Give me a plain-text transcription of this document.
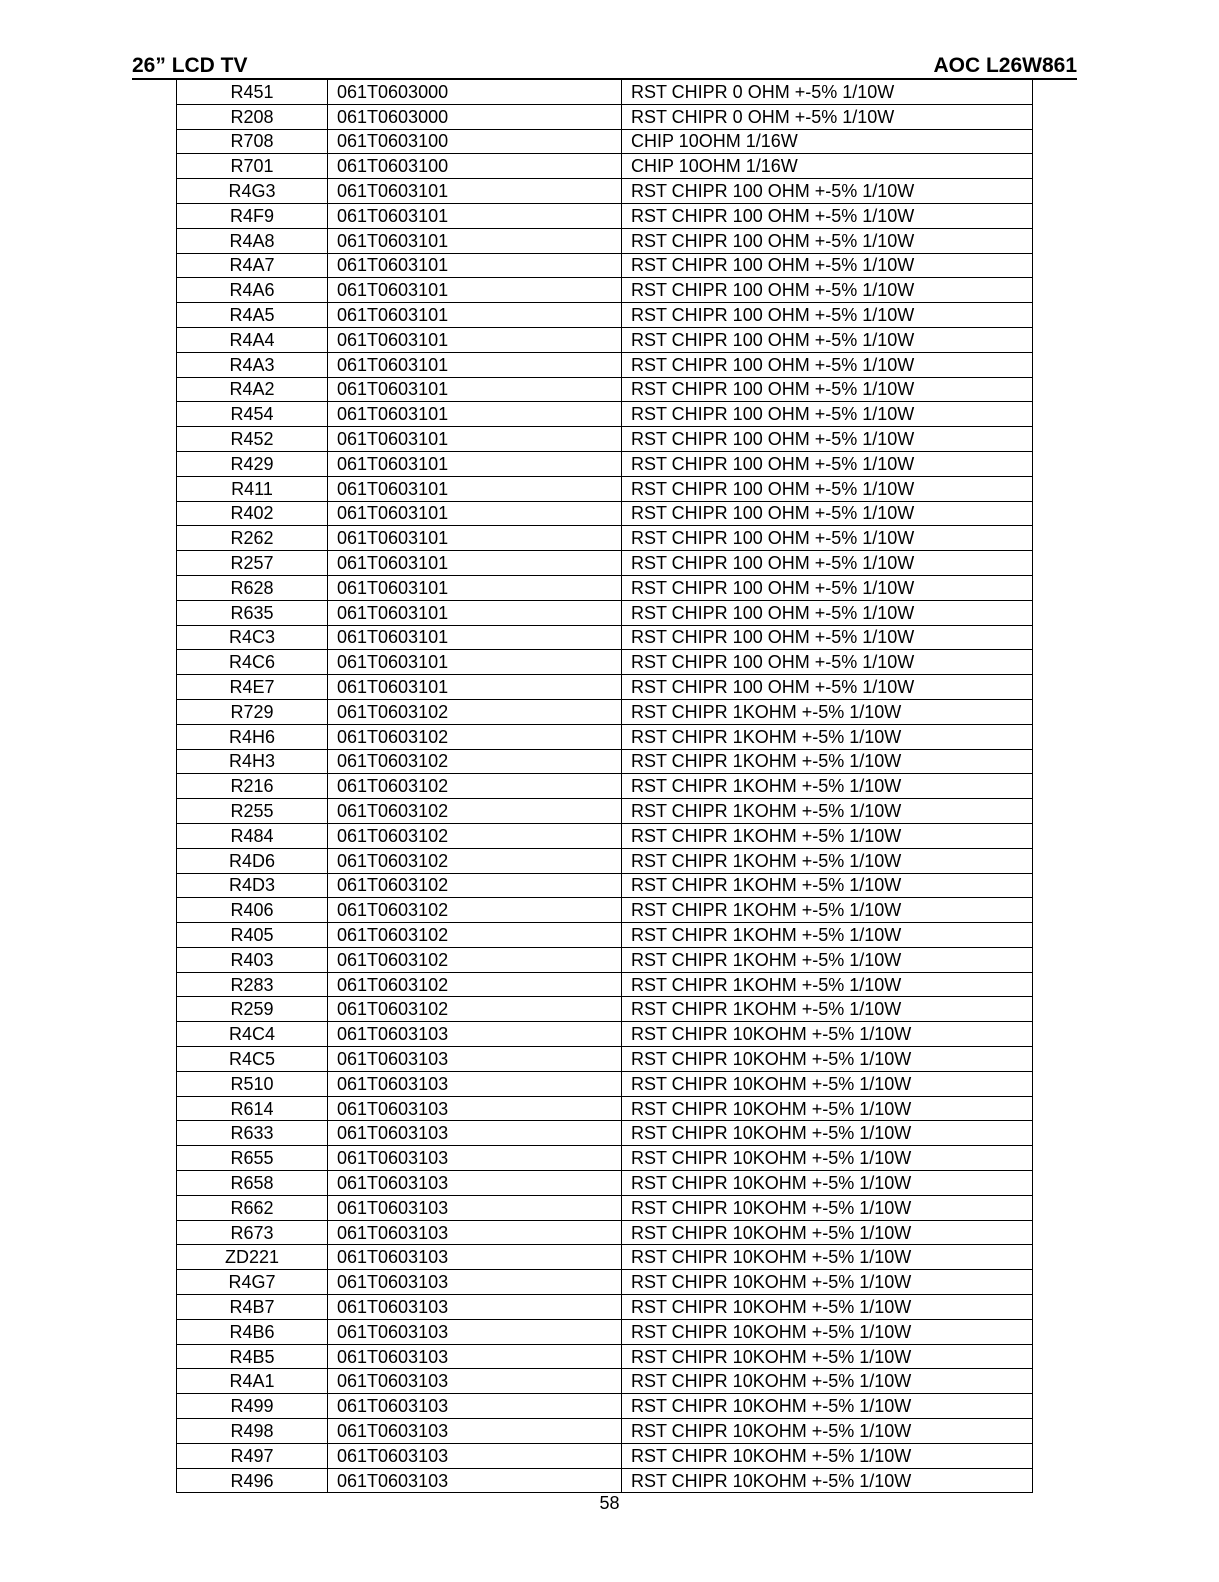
26” LCD TV	AOC L26W861
R451	061T0603000	RST CHIPR 0 OHM +-5% 1/10W
R208	061T0603000	RST CHIPR 0 OHM +-5% 1/10W
R708	061T0603100	CHIP 10OHM 1/16W
R701	061T0603100	CHIP 10OHM 1/16W
R4G3	061T0603101	RST CHIPR 100 OHM +-5% 1/10W
R4F9	061T0603101	RST CHIPR 100 OHM +-5% 1/10W
R4A8	061T0603101	RST CHIPR 100 OHM +-5% 1/10W
R4A7	061T0603101	RST CHIPR 100 OHM +-5% 1/10W
R4A6	061T0603101	RST CHIPR 100 OHM +-5% 1/10W
R4A5	061T0603101	RST CHIPR 100 OHM +-5% 1/10W
R4A4	061T0603101	RST CHIPR 100 OHM +-5% 1/10W
R4A3	061T0603101	RST CHIPR 100 OHM +-5% 1/10W
R4A2	061T0603101	RST CHIPR 100 OHM +-5% 1/10W
R454	061T0603101	RST CHIPR 100 OHM +-5% 1/10W
R452	061T0603101	RST CHIPR 100 OHM +-5% 1/10W
R429	061T0603101	RST CHIPR 100 OHM +-5% 1/10W
R411	061T0603101	RST CHIPR 100 OHM +-5% 1/10W
R402	061T0603101	RST CHIPR 100 OHM +-5% 1/10W
R262	061T0603101	RST CHIPR 100 OHM +-5% 1/10W
R257	061T0603101	RST CHIPR 100 OHM +-5% 1/10W
R628	061T0603101	RST CHIPR 100 OHM +-5% 1/10W
R635	061T0603101	RST CHIPR 100 OHM +-5% 1/10W
R4C3	061T0603101	RST CHIPR 100 OHM +-5% 1/10W
R4C6	061T0603101	RST CHIPR 100 OHM +-5% 1/10W
R4E7	061T0603101	RST CHIPR 100 OHM +-5% 1/10W
R729	061T0603102	RST CHIPR 1KOHM +-5% 1/10W
R4H6	061T0603102	RST CHIPR 1KOHM +-5% 1/10W
R4H3	061T0603102	RST CHIPR 1KOHM +-5% 1/10W
R216	061T0603102	RST CHIPR 1KOHM +-5% 1/10W
R255	061T0603102	RST CHIPR 1KOHM +-5% 1/10W
R484	061T0603102	RST CHIPR 1KOHM +-5% 1/10W
R4D6	061T0603102	RST CHIPR 1KOHM +-5% 1/10W
R4D3	061T0603102	RST CHIPR 1KOHM +-5% 1/10W
R406	061T0603102	RST CHIPR 1KOHM +-5% 1/10W
R405	061T0603102	RST CHIPR 1KOHM +-5% 1/10W
R403	061T0603102	RST CHIPR 1KOHM +-5% 1/10W
R283	061T0603102	RST CHIPR 1KOHM +-5% 1/10W
R259	061T0603102	RST CHIPR 1KOHM +-5% 1/10W
R4C4	061T0603103	RST CHIPR 10KOHM +-5% 1/10W
R4C5	061T0603103	RST CHIPR 10KOHM +-5% 1/10W
R510	061T0603103	RST CHIPR 10KOHM +-5% 1/10W
R614	061T0603103	RST CHIPR 10KOHM +-5% 1/10W
R633	061T0603103	RST CHIPR 10KOHM +-5% 1/10W
R655	061T0603103	RST CHIPR 10KOHM +-5% 1/10W
R658	061T0603103	RST CHIPR 10KOHM +-5% 1/10W
R662	061T0603103	RST CHIPR 10KOHM +-5% 1/10W
R673	061T0603103	RST CHIPR 10KOHM +-5% 1/10W
ZD221	061T0603103	RST CHIPR 10KOHM +-5% 1/10W
R4G7	061T0603103	RST CHIPR 10KOHM +-5% 1/10W
R4B7	061T0603103	RST CHIPR 10KOHM +-5% 1/10W
R4B6	061T0603103	RST CHIPR 10KOHM +-5% 1/10W
R4B5	061T0603103	RST CHIPR 10KOHM +-5% 1/10W
R4A1	061T0603103	RST CHIPR 10KOHM +-5% 1/10W
R499	061T0603103	RST CHIPR 10KOHM +-5% 1/10W
R498	061T0603103	RST CHIPR 10KOHM +-5% 1/10W
R497	061T0603103	RST CHIPR 10KOHM +-5% 1/10W
R496	061T0603103	RST CHIPR 10KOHM +-5% 1/10W
58
